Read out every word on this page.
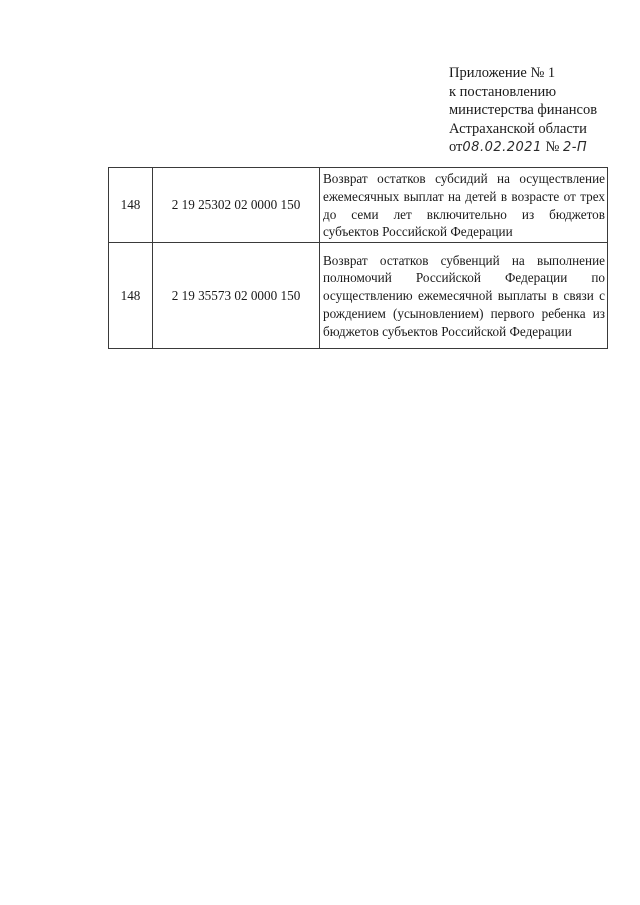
Приложение № 1
к постановлению
министерства финансов
Астраханской области
от08.02.2021 № 2-П
148	2 19 25302 02 0000 150	Возврат остатков субсидий на осуществление ежемесячных выплат на детей в возрасте от трех до семи лет включительно из бюджетов субъектов Российской Федерации
148	2 19 35573 02 0000 150	Возврат остатков субвенций на выполнение полномочий Российской Федерации по осуществлению ежемесячной выплаты в связи с рождением (усыновлением) первого ребенка из бюджетов субъектов Российской Федерации
